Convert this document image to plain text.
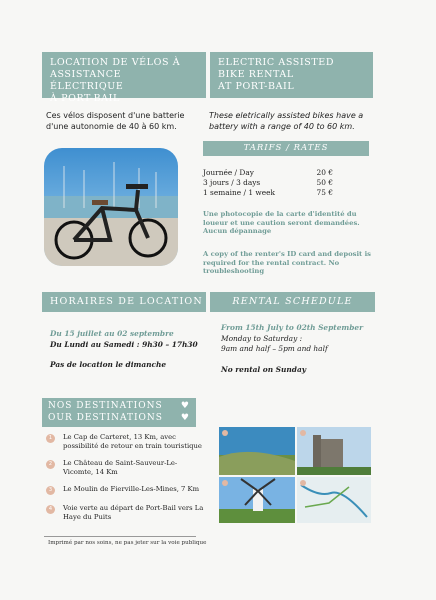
LOCATION DE VÉLOS À
ASSISTANCE ÉLECTRIQUE
À PORT-BAIL
ELECTRIC ASSISTED
BIKE RENTAL
AT PORT-BAIL
Ces vélos disposent d'une batterie d'une autonomie de 40 à 60 km.
These eletrically assisted bikes have a battery with a range of 40 to 60 km.
TARIFS / RATES
Journée / Day	20 €
3 jours / 3 days	50 €
1 semaine / 1 week	75 €
Une photocopie de la carte d'identité du loueur et une caution seront demandées. Aucun dépannage
A copy of the renter's ID card and deposit is required for the rental contract. No troubleshooting
HORAIRES DE LOCATION	RENTAL SCHEDULE
Du 15 juillet au 02 septembre
Du Lundi au Samedi : 9h30 – 17h30
Pas de location le dimanche
From 15th July to 02th September
Monday to Saturday :
9am and half – 5pm and half
No rental on Sunday
NOS DESTINATIONS ♥
OUR DESTINATIONS ♥
1	Le Cap de Carteret, 13 Km, avec possibilité de retour en train touristique
2	Le Château de Saint-Sauveur-Le-Vicomte, 14 Km
3	Le Moulin de Fierville-Les-Mines, 7 Km
4	Voie verte au départ de Port-Bail vers La Haye du Puits
Imprimé par nos soins, ne pas jeter sur la voie publique
